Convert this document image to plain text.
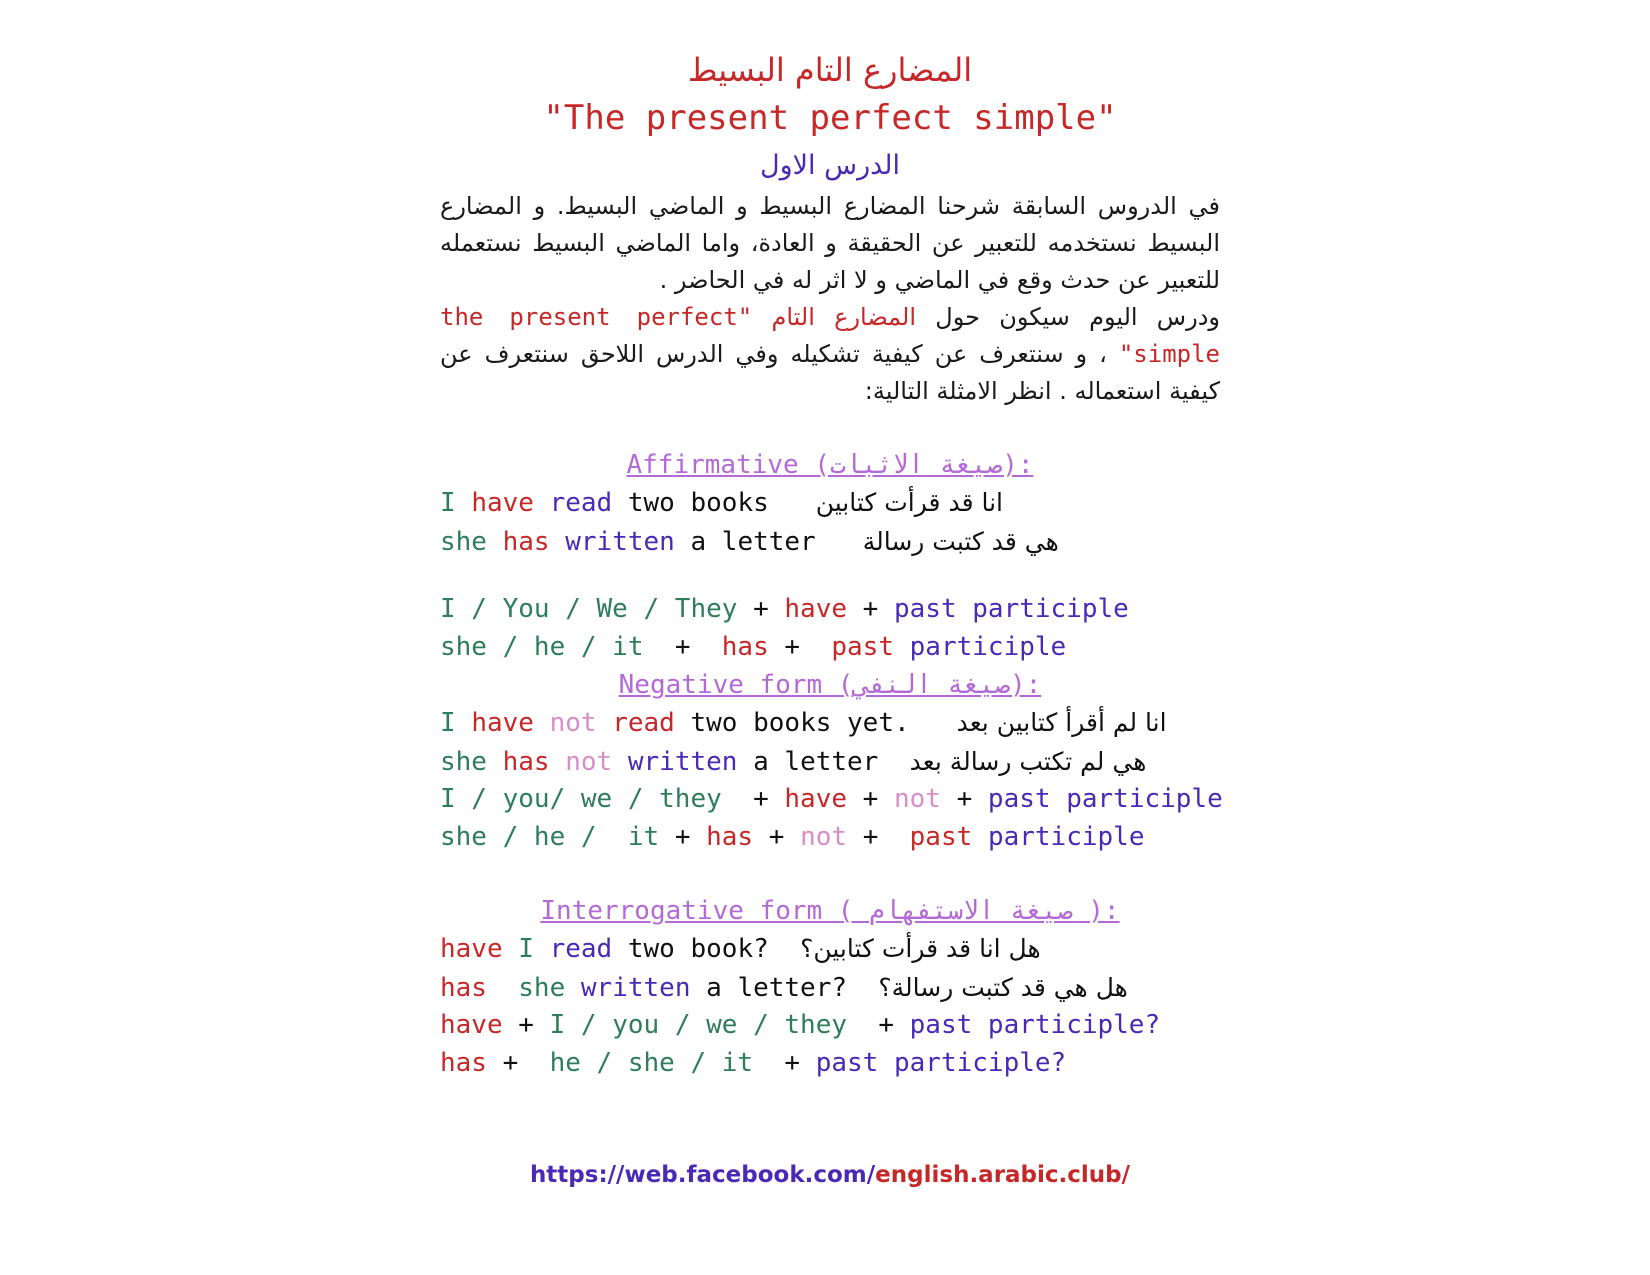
المضارع التام البسيط
"The present perfect simple"
الدرس الاول
في الدروس السابقة شرحنا المضارع البسيط و الماضي البسيط. و المضارع البسيط نستخدمه للتعبير عن الحقيقة و العادة، واما الماضي البسيط نستعمله للتعبير عن حدث وقع في الماضي و لا اثر له في الحاضر .
ودرس اليوم سيكون حول المضارع التام "the present perfect simple" ، و سنتعرف عن كيفية تشكيله وفي الدرس اللاحق سنتعرف عن كيفية استعماله . انظر الامثلة التالية:
Affirmative (صيغة الاثبات):
I have read two books انا قد قرأت كتابين
she has written a letter هي قد كتبت رسالة
I / You / We / They + have + past participle
she / he / it + has + past participle
Negative form (صيغة النفي):
I have not read two books yet. انا لم أقرأ كتابين بعد
she has not written a letter هي لم تكتب رسالة بعد
I / you/ we / they + have + not + past participle
she / he /  it + has + not + past participle
Interrogative form ( صيغة الاستفهام ):
have I read two book? هل انا قد قرأت كتابين؟
has she written a letter? هل هي قد كتبت رسالة؟
have + I / you / we / they + past participle?
has + he / she / it + past participle?
https://web.facebook.com/english.arabic.club/
